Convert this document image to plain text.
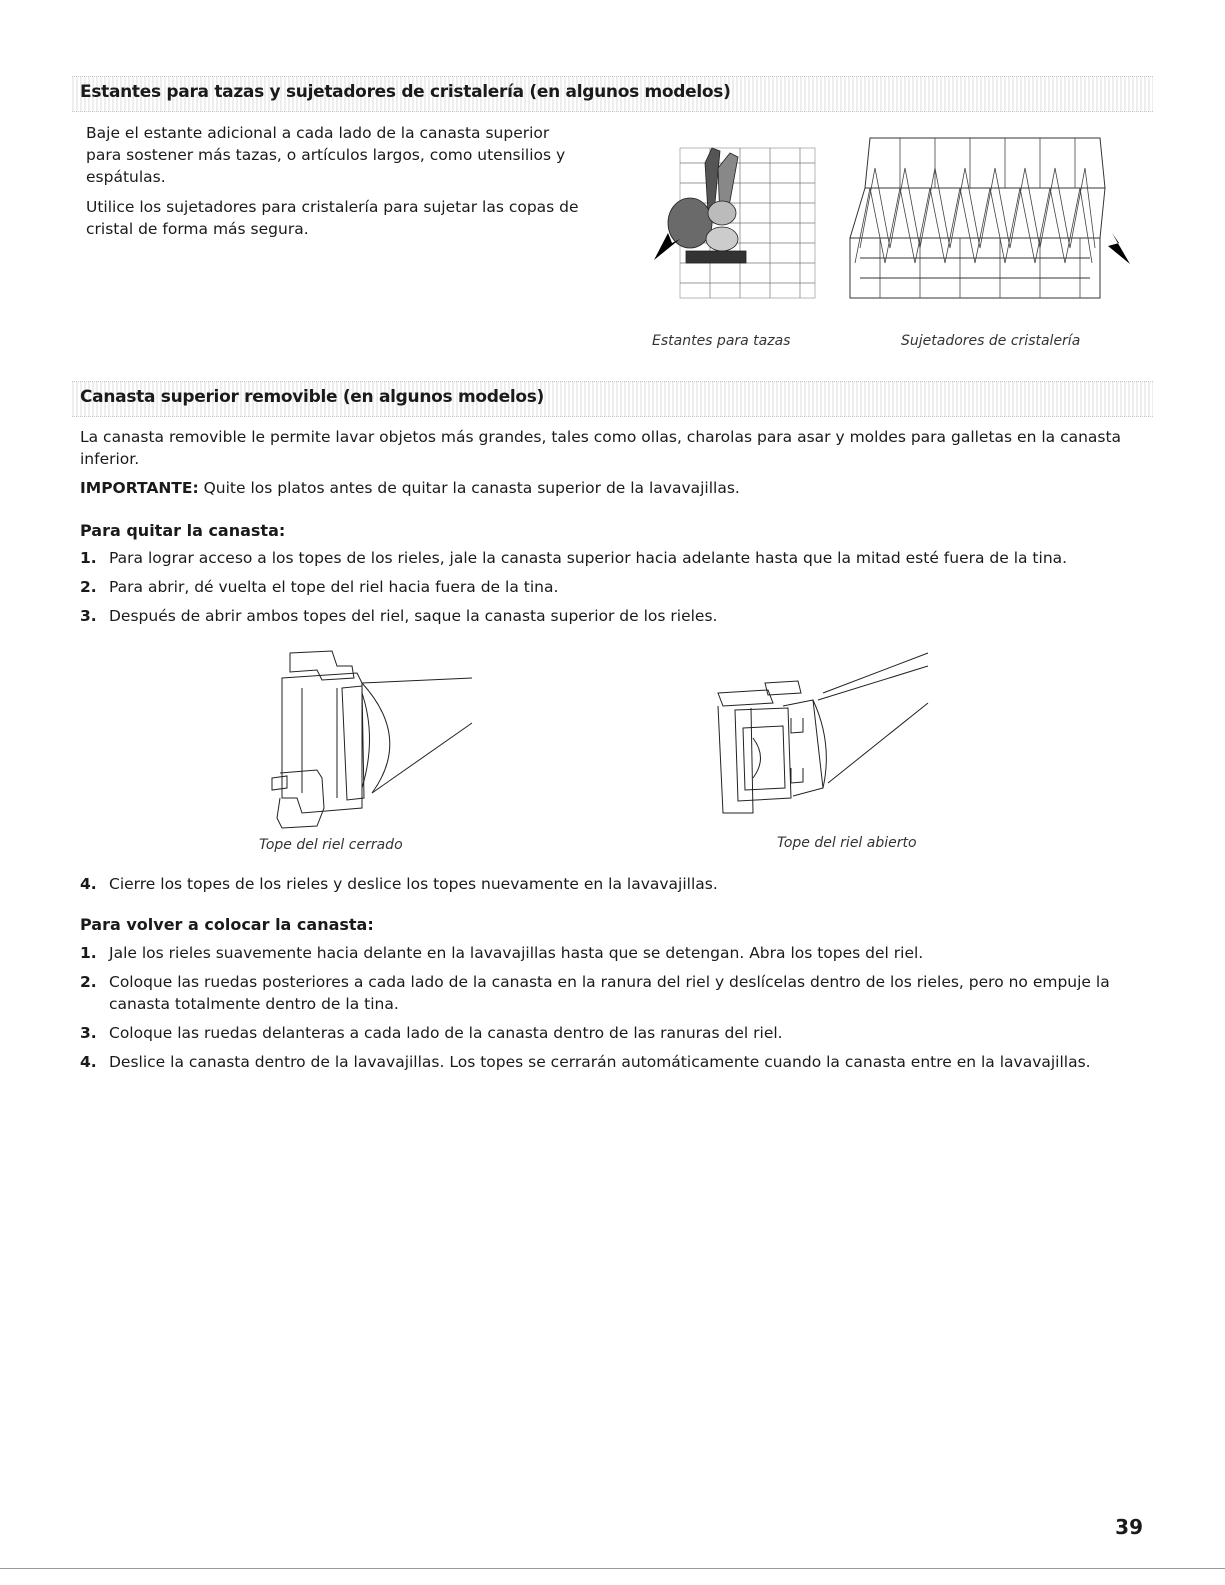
Estantes para tazas y sujetadores de cristalería (en algunos modelos)

Baje el estante adicional a cada lado de la canasta superior para sostener más tazas, o artículos largos, como utensilios y espátulas.

Utilice los sujetadores para cristalería para sujetar las copas de cristal de forma más segura.

Estantes para tazas	Sujetadores de cristalería
Canasta superior removible (en algunos modelos)

La canasta removible le permite lavar objetos más grandes, tales como ollas, charolas para asar y moldes para galletas en la canasta inferior.

IMPORTANTE: Quite los platos antes de quitar la canasta superior de la lavavajillas.

Para quitar la canasta:
1. Para lograr acceso a los topes de los rieles, jale la canasta superior hacia adelante hasta que la mitad esté fuera de la tina.
2. Para abrir, dé vuelta el tope del riel hacia fuera de la tina.
3. Después de abrir ambos topes del riel, saque la canasta superior de los rieles.
Tope del riel cerrado	Tope del riel abierto
4. Cierre los topes de los rieles y deslice los topes nuevamente en la lavavajillas.
Para volver a colocar la canasta:
1. Jale los rieles suavemente hacia delante en la lavavajillas hasta que se detengan. Abra los topes del riel.
2. Coloque las ruedas posteriores a cada lado de la canasta en la ranura del riel y deslícelas dentro de los rieles, pero no empuje la canasta totalmente dentro de la tina.
3. Coloque las ruedas delanteras a cada lado de la canasta dentro de las ranuras del riel.
4. Deslice la canasta dentro de la lavavajillas. Los topes se cerrarán automáticamente cuando la canasta entre en la lavavajillas.
39
